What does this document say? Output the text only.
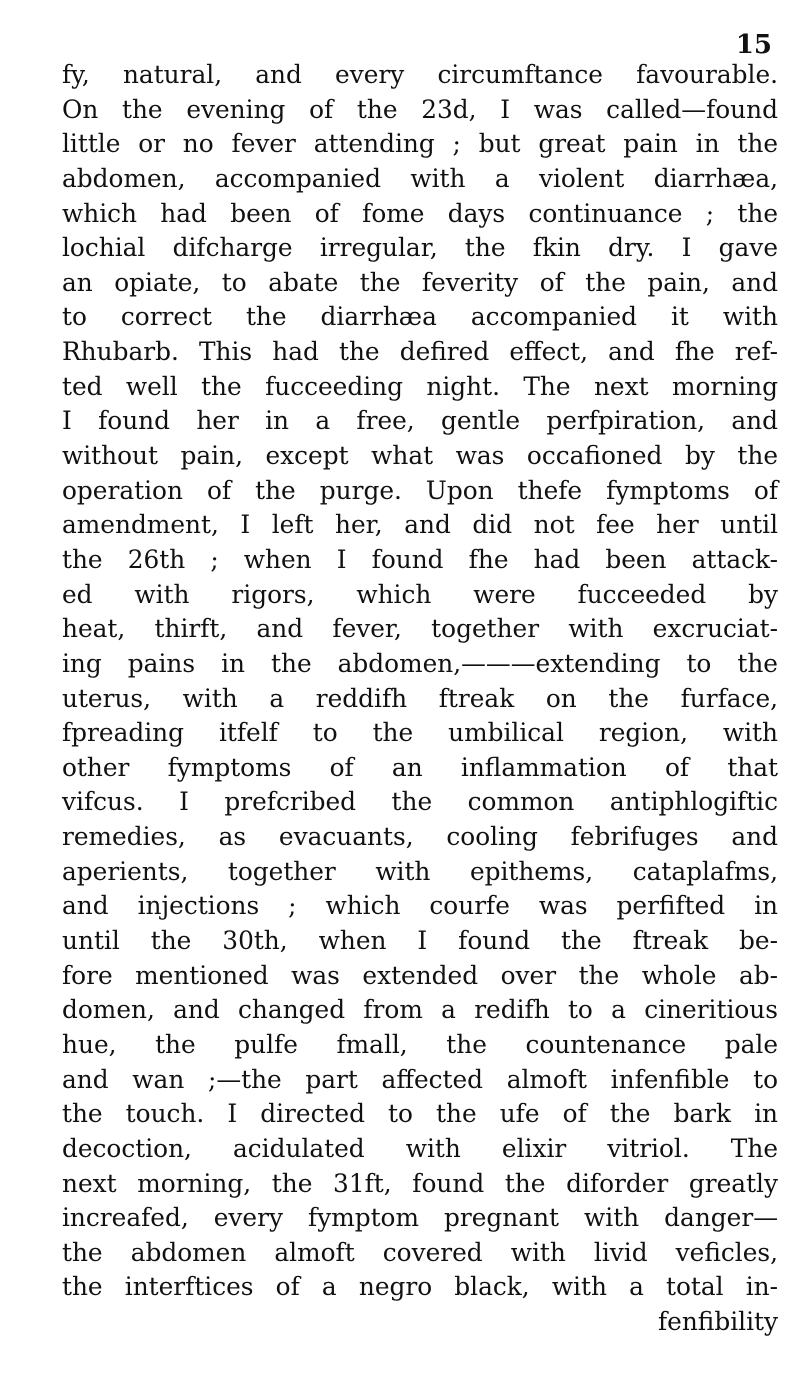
15
fy, natural, and every circumftance favourable.
On the evening of the 23d, I was called—found
little or no fever attending ; but great pain in the
abdomen, accompanied with a violent diarrhæa,
which had been of fome days continuance ; the
lochial difcharge irregular, the fkin dry. I gave
an opiate, to abate the feverity of the pain, and
to correct the diarrhæa accompanied it with
Rhubarb. This had the defired effect, and fhe ref-
ted well the fucceeding night. The next morning
I found her in a free, gentle perfpiration, and
without pain, except what was occafioned by the
operation of the purge. Upon thefe fymptoms of
amendment, I left her, and did not fee her until
the 26th ; when I found fhe had been attack-
ed with rigors, which were fucceeded by
heat, thirft, and fever, together with excruciat-
ing pains in the abdomen,———extending to the
uterus, with a reddifh ftreak on the furface,
fpreading itfelf to the umbilical region, with
other fymptoms of an inflammation of that
vifcus. I prefcribed the common antiphlogiftic
remedies, as evacuants, cooling febrifuges and
aperients, together with epithems, cataplafms,
and injections ; which courfe was perfifted in
until the 30th, when I found the ftreak be-
fore mentioned was extended over the whole ab-
domen, and changed from a redifh to a cineritious
hue, the pulfe fmall, the countenance pale
and wan ;—the part affected almoft infenfible to
the touch. I directed to the ufe of the bark in
decoction, acidulated with elixir vitriol. The
next morning, the 31ft, found the diforder greatly
increafed, every fymptom pregnant with danger—
the abdomen almoft covered with livid veficles,
the interftices of a negro black, with a total in-
fenfibility
